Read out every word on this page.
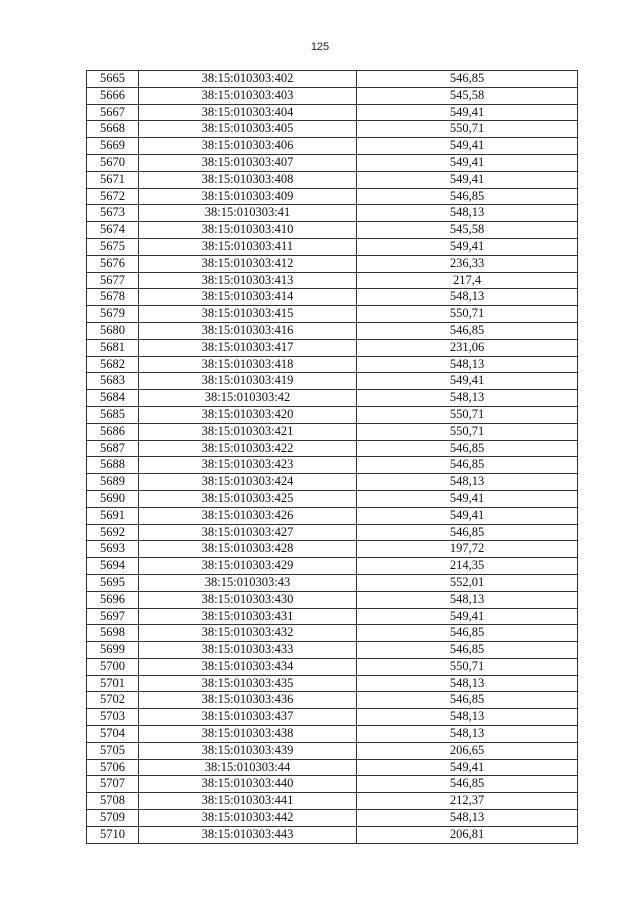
125
5665	38:15:010303:402	546,85
5666	38:15:010303:403	545,58
5667	38:15:010303:404	549,41
5668	38:15:010303:405	550,71
5669	38:15:010303:406	549,41
5670	38:15:010303:407	549,41
5671	38:15:010303:408	549,41
5672	38:15:010303:409	546,85
5673	38:15:010303:41	548,13
5674	38:15:010303:410	545,58
5675	38:15:010303:411	549,41
5676	38:15:010303:412	236,33
5677	38:15:010303:413	217,4
5678	38:15:010303:414	548,13
5679	38:15:010303:415	550,71
5680	38:15:010303:416	546,85
5681	38:15:010303:417	231,06
5682	38:15:010303:418	548,13
5683	38:15:010303:419	549,41
5684	38:15:010303:42	548,13
5685	38:15:010303:420	550,71
5686	38:15:010303:421	550,71
5687	38:15:010303:422	546,85
5688	38:15:010303:423	546,85
5689	38:15:010303:424	548,13
5690	38:15:010303:425	549,41
5691	38:15:010303:426	549,41
5692	38:15:010303:427	546,85
5693	38:15:010303:428	197,72
5694	38:15:010303:429	214,35
5695	38:15:010303:43	552,01
5696	38:15:010303:430	548,13
5697	38:15:010303:431	549,41
5698	38:15:010303:432	546,85
5699	38:15:010303:433	546,85
5700	38:15:010303:434	550,71
5701	38:15:010303:435	548,13
5702	38:15:010303:436	546,85
5703	38:15:010303:437	548,13
5704	38:15:010303:438	548,13
5705	38:15:010303:439	206,65
5706	38:15:010303:44	549,41
5707	38:15:010303:440	546,85
5708	38:15:010303:441	212,37
5709	38:15:010303:442	548,13
5710	38:15:010303:443	206,81
